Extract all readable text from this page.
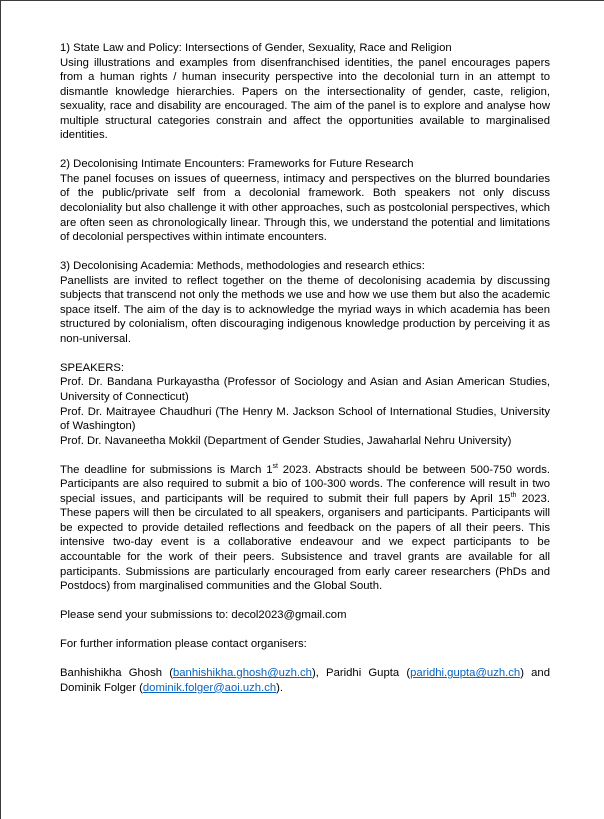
1) State Law and Policy: Intersections of Gender, Sexuality, Race and Religion
Using illustrations and examples from disenfranchised identities, the panel encourages papers from a human rights / human insecurity perspective into the decolonial turn in an attempt to dismantle knowledge hierarchies. Papers on the intersectionality of gender, caste, religion, sexuality, race and disability are encouraged. The aim of the panel is to explore and analyse how multiple structural categories constrain and affect the opportunities available to marginalised identities.
2) Decolonising Intimate Encounters: Frameworks for Future Research
The panel focuses on issues of queerness, intimacy and perspectives on the blurred boundaries of the public/private self from a decolonial framework. Both speakers not only discuss decoloniality but also challenge it with other approaches, such as postcolonial perspectives, which are often seen as chronologically linear. Through this, we understand the potential and limitations of decolonial perspectives within intimate encounters.
3) Decolonising Academia: Methods, methodologies and research ethics:
Panellists are invited to reflect together on the theme of decolonising academia by discussing subjects that transcend not only the methods we use and how we use them but also the academic space itself. The aim of the day is to acknowledge the myriad ways in which academia has been structured by colonialism, often discouraging indigenous knowledge production by perceiving it as non-universal.
SPEAKERS:
Prof. Dr. Bandana Purkayastha (Professor of Sociology and Asian and Asian American Studies, University of Connecticut)
Prof. Dr. Maitrayee Chaudhuri (The Henry M. Jackson School of International Studies, University of Washington)
Prof. Dr. Navaneetha Mokkil (Department of Gender Studies, Jawaharlal Nehru University)
The deadline for submissions is March 1st 2023. Abstracts should be between 500-750 words. Participants are also required to submit a bio of 100-300 words. The conference will result in two special issues, and participants will be required to submit their full papers by April 15th 2023. These papers will then be circulated to all speakers, organisers and participants. Participants will be expected to provide detailed reflections and feedback on the papers of all their peers. This intensive two-day event is a collaborative endeavour and we expect participants to be accountable for the work of their peers. Subsistence and travel grants are available for all participants. Submissions are particularly encouraged from early career researchers (PhDs and Postdocs) from marginalised communities and the Global South.
Please send your submissions to: decol2023@gmail.com
For further information please contact organisers:
Banhishikha Ghosh (banhishikha.ghosh@uzh.ch), Paridhi Gupta (paridhi.gupta@uzh.ch) and Dominik Folger (dominik.folger@aoi.uzh.ch).
